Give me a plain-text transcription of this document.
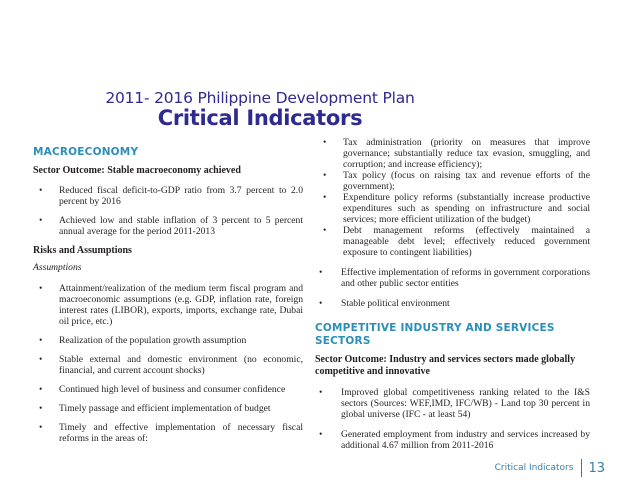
2011- 2016 Philippine Development Plan
Critical Indicators
MACROECONOMY
Sector Outcome: Stable macroeconomy achieved
• Reduced fiscal deficit-to-GDP ratio from 3.7 percent to 2.0 percent by 2016
• Achieved low and stable inflation of 3 percent to 5 percent annual average for the period 2011-2013
Risks and Assumptions
Assumptions
• Attainment/realization of the medium term fiscal program and macroeconomic assumptions (e.g. GDP, inflation rate, foreign interest rates (LIBOR), exports, imports, exchange rate, Dubai oil price, etc.)
• Realization of the population growth assumption
• Stable external and domestic environment (no economic, financial, and current account shocks)
• Continued high level of business and consumer confidence
• Timely passage and efficient implementation of budget
• Timely and effective implementation of necessary fiscal reforms in the areas of:
• Tax administration (priority on measures that improve governance; substantially reduce tax evasion, smuggling, and corruption; and increase efficiency);
• Tax policy (focus on raising tax and revenue efforts of the government);
• Expenditure policy reforms (substantially increase productive expenditures such as spending on infrastructure and social services; more efficient utilization of the budget)
• Debt management reforms (effectively maintained a manageable debt level; effectively reduced government exposure to contingent liabilities)
• Effective implementation of reforms in government corporations and other public sector entities
• Stable political environment
COMPETITIVE INDUSTRY AND SERVICES SECTORS
Sector Outcome: Industry and services sectors made globally competitive and innovative
• Improved global competitiveness ranking related to the I&S sectors (Sources: WEF,IMD, IFC/WB) - Land top 30 percent in global universe (IFC - at least 54)
• Generated employment from industry and services increased by additional 4.67 million from 2011-2016
Critical Indicators 13
